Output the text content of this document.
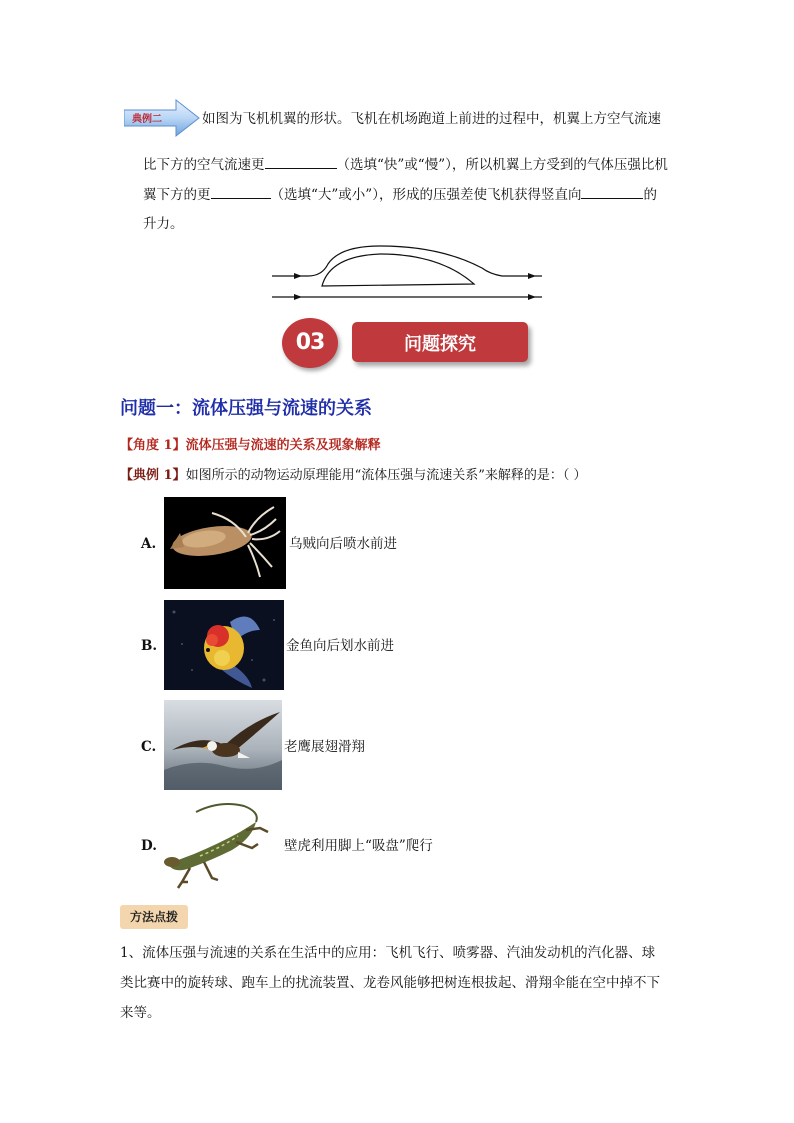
典例二	如图为飞机机翼的形状。飞机在机场跑道上前进的过程中，机翼上方空气流速
比下方的空气流速更	（选填“快”或“慢”），所以机翼上方受到的气体压强比机
翼下方的更	（选填“大”或小”），形成的压强差使飞机获得竖直向	的
升力。
03	问题探究
问题一：流体压强与流速的关系
【角度 1】流体压强与流速的关系及现象解释
【典例 1】如图所示的动物运动原理能用“流体压强与流速关系”来解释的是：（ ）
A.	乌贼向后喷水前进
B.	金鱼向后划水前进
C.	老鹰展翅滑翔
D.	壁虎利用脚上“吸盘”爬行
方法点拨
1、流体压强与流速的关系在生活中的应用：飞机飞行、喷雾器、汽油发动机的汽化器、球
类比赛中的旋转球、跑车上的扰流装置、龙卷风能够把树连根拔起、滑翔伞能在空中掉不下
来等。
